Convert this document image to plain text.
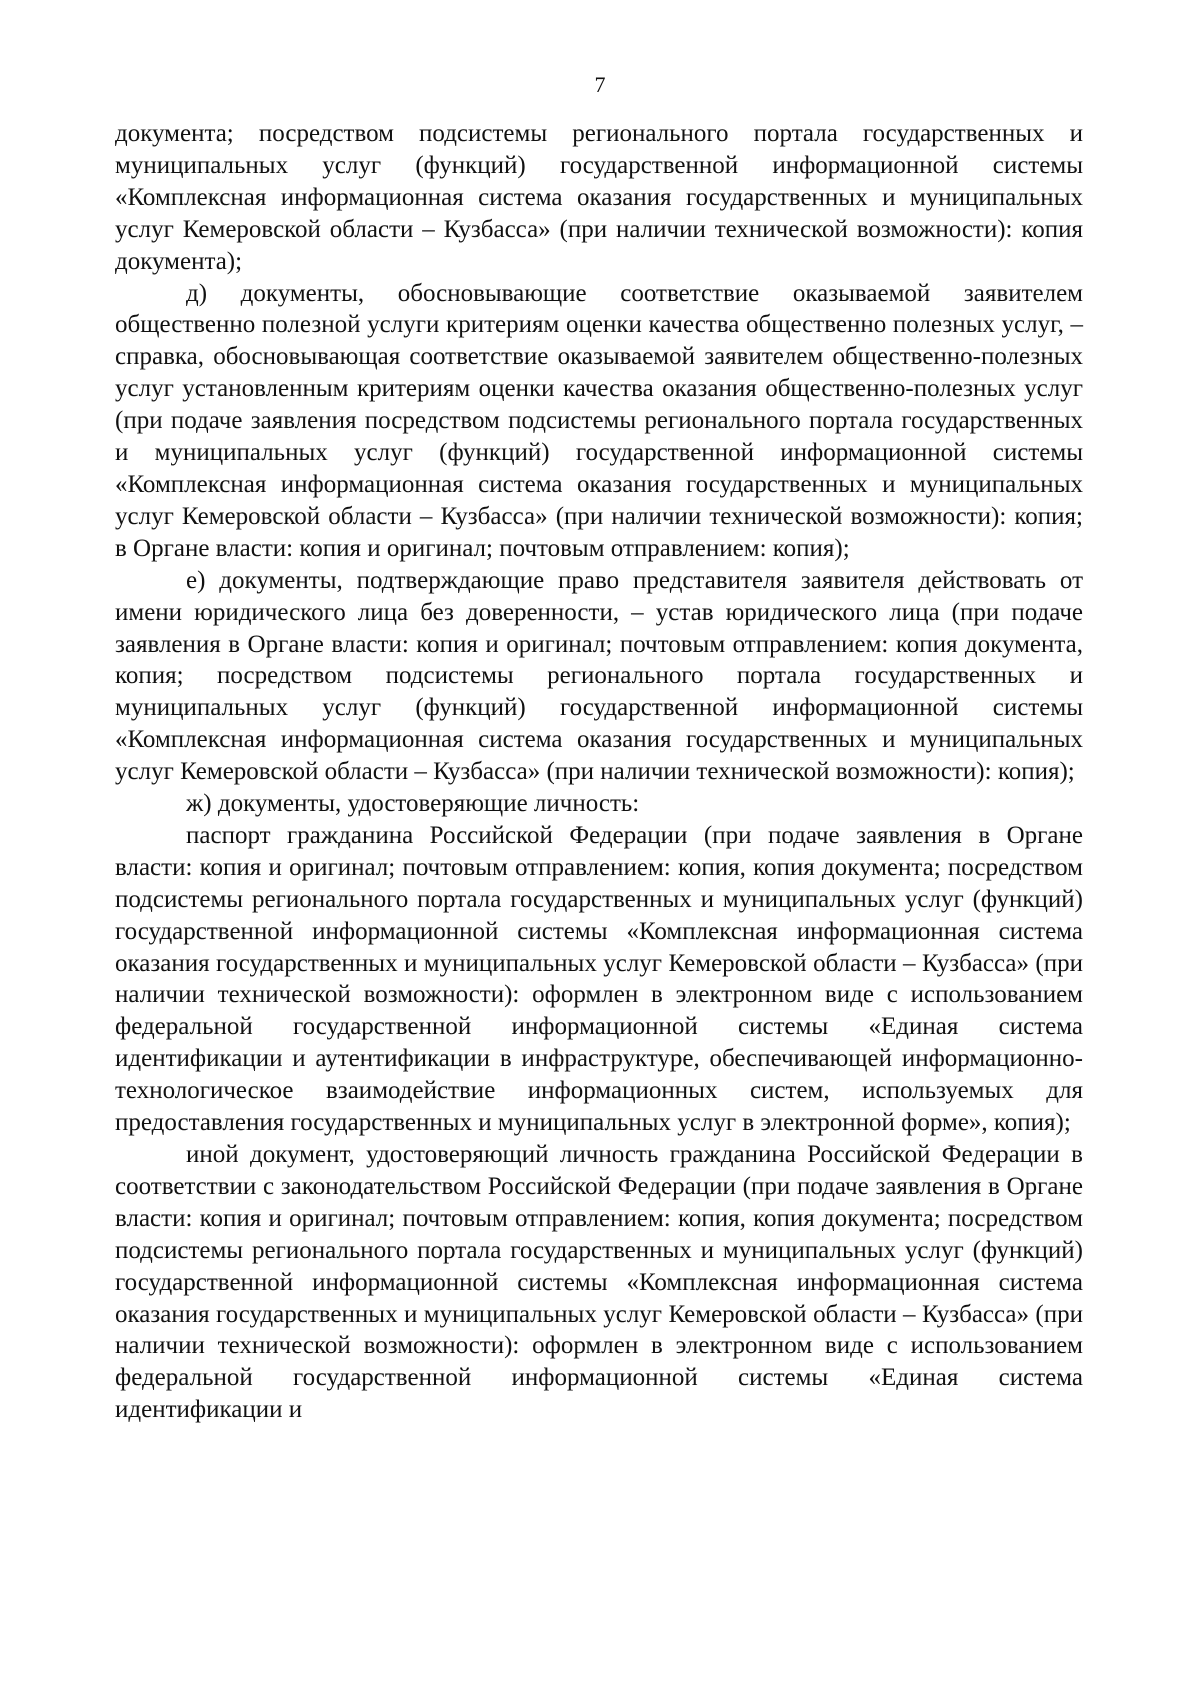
7

документа; посредством подсистемы регионального портала государственных и муниципальных услуг (функций) государственной информационной системы «Комплексная информационная система оказания государственных и муниципальных услуг Кемеровской области – Кузбасса» (при наличии технической возможности): копия документа);

д) документы, обосновывающие соответствие оказываемой заявителем общественно полезной услуги критериям оценки качества общественно полезных услуг, – справка, обосновывающая соответствие оказываемой заявителем общественно-полезных услуг установленным критериям оценки качества оказания общественно-полезных услуг (при подаче заявления посредством подсистемы регионального портала государственных и муниципальных услуг (функций) государственной информационной системы «Комплексная информационная система оказания государственных и муниципальных услуг Кемеровской области – Кузбасса» (при наличии технической возможности): копия; в Органе власти: копия и оригинал; почтовым отправлением: копия);

е) документы, подтверждающие право представителя заявителя действовать от имени юридического лица без доверенности, – устав юридического лица (при подаче заявления в Органе власти: копия и оригинал; почтовым отправлением: копия документа, копия; посредством подсистемы регионального портала государственных и муниципальных услуг (функций) государственной информационной системы «Комплексная информационная система оказания государственных и муниципальных услуг Кемеровской области – Кузбасса» (при наличии технической возможности): копия);

ж) документы, удостоверяющие личность:

паспорт гражданина Российской Федерации (при подаче заявления в Органе власти: копия и оригинал; почтовым отправлением: копия, копия документа; посредством подсистемы регионального портала государственных и муниципальных услуг (функций) государственной информационной системы «Комплексная информационная система оказания государственных и муниципальных услуг Кемеровской области – Кузбасса» (при наличии технической возможности): оформлен в электронном виде с использованием федеральной государственной информационной системы «Единая система идентификации и аутентификации в инфраструктуре, обеспечивающей информационно-технологическое взаимодействие информационных систем, используемых для предоставления государственных и муниципальных услуг в электронной форме», копия);

иной документ, удостоверяющий личность гражданина Российской Федерации в соответствии с законодательством Российской Федерации (при подаче заявления в Органе власти: копия и оригинал; почтовым отправлением: копия, копия документа; посредством подсистемы регионального портала государственных и муниципальных услуг (функций) государственной информационной системы «Комплексная информационная система оказания государственных и муниципальных услуг Кемеровской области – Кузбасса» (при наличии технической возможности): оформлен в электронном виде с использованием федеральной государственной информационной системы «Единая система идентификации и
